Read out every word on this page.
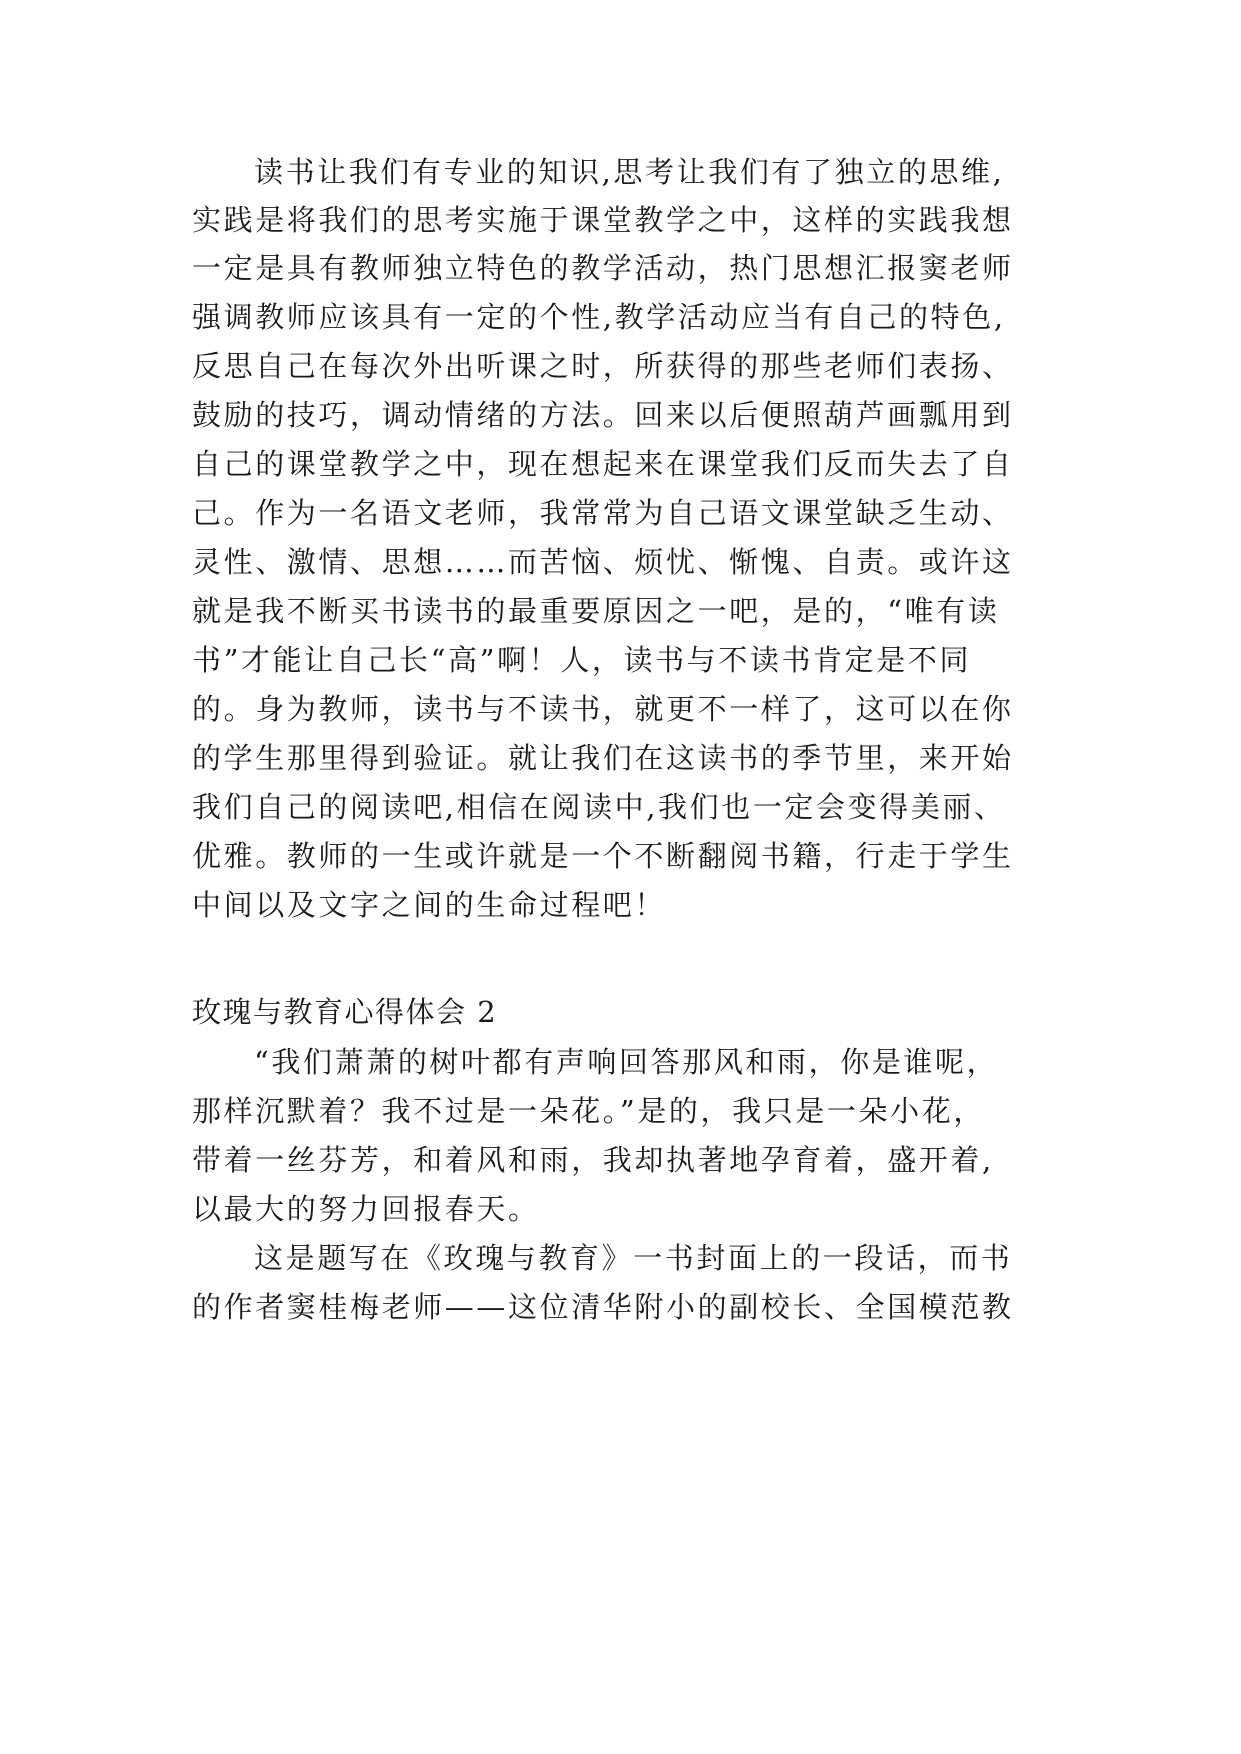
读书让我们有专业的知识,思考让我们有了独立的思维,
实践是将我们的思考实施于课堂教学之中，这样的实践我想
一定是具有教师独立特色的教学活动，热门思想汇报窦老师
强调教师应该具有一定的个性,教学活动应当有自己的特色,
反思自己在每次外出听课之时，所获得的那些老师们表扬、
鼓励的技巧，调动情绪的方法。回来以后便照葫芦画瓢用到
自己的课堂教学之中，现在想起来在课堂我们反而失去了自
己。作为一名语文老师，我常常为自己语文课堂缺乏生动、
灵性、激情、思想……而苦恼、烦忧、惭愧、自责。或许这
就是我不断买书读书的最重要原因之一吧，是的，“唯有读
书”才能让自己长“高”啊！人，读书与不读书肯定是不同
的。身为教师，读书与不读书，就更不一样了，这可以在你
的学生那里得到验证。就让我们在这读书的季节里，来开始
我们自己的阅读吧,相信在阅读中,我们也一定会变得美丽、
优雅。教师的一生或许就是一个不断翻阅书籍，行走于学生
中间以及文字之间的生命过程吧！
玫瑰与教育心得体会 2
“我们萧萧的树叶都有声响回答那风和雨，你是谁呢，
那样沉默着？我不过是一朵花。”是的，我只是一朵小花，
带着一丝芬芳，和着风和雨，我却执著地孕育着，盛开着,
以最大的努力回报春天。
这是题写在《玫瑰与教育》一书封面上的一段话，而书
的作者窦桂梅老师——这位清华附小的副校长、全国模范教
